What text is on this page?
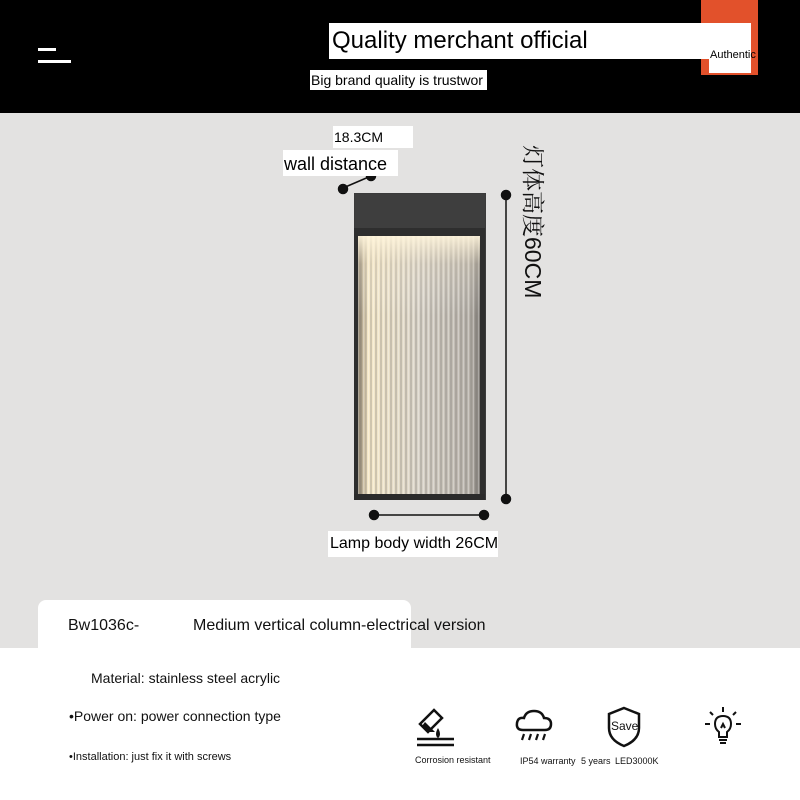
Quality merchant official
Authentic
Big brand quality is trustwor
18.3CM
wall distance	灯体高度60CM
Lamp body width 26CM
Bw1036c-	Medium vertical column-electrical version
Material: stainless steel acrylic
•Power on: power connection type
•Installation: just fix it with screws	Corrosion resistant	IP54 warranty
Save
5 years LED3000K
